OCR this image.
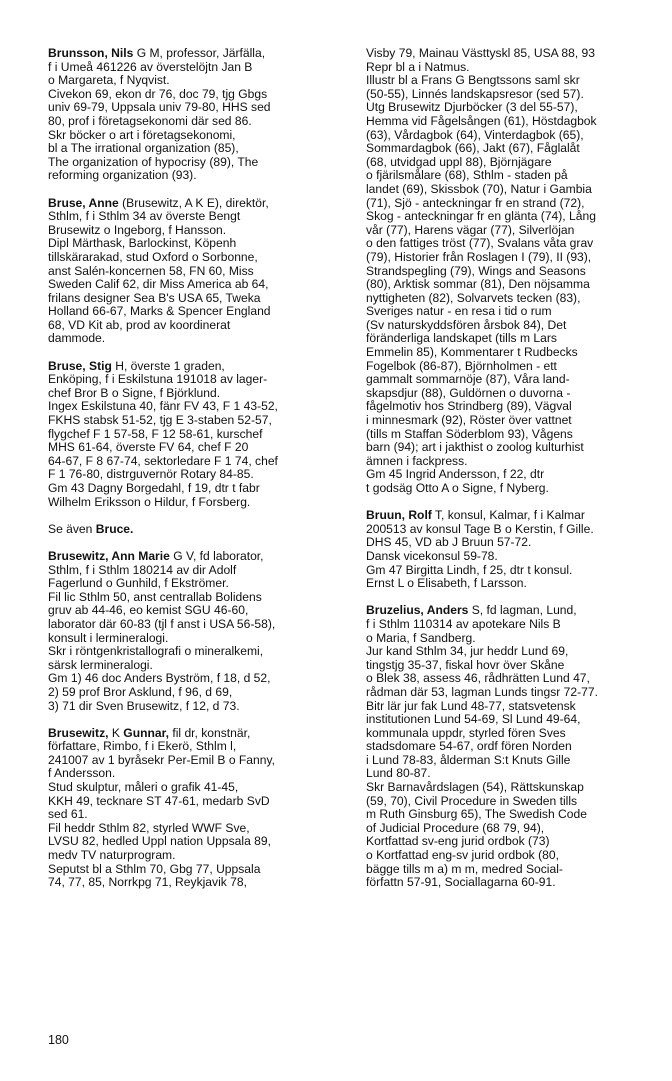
Brunsson, Nils G M, professor, Järfälla,
f i Umeå 461226 av överstelöjtn Jan B
o Margareta, f Nyqvist.
Civekon 69, ekon dr 76, doc 79, tjg Gbgs
univ 69-79, Uppsala univ 79-80, HHS sed
80, prof i företagsekonomi där sed 86.
Skr böcker o art i företagsekonomi,
bl a The irrational organization (85),
The organization of hypocrisy (89), The
reforming organization (93).
Bruse, Anne (Brusewitz, A K E), direktör,
Sthlm, f i Sthlm 34 av överste Bengt
Brusewitz o Ingeborg, f Hansson.
Dipl Märthask, Barlockinst, Köpenh
tillskärarakad, stud Oxford o Sorbonne,
anst Salén-koncernen 58, FN 60, Miss
Sweden Calif 62, dir Miss America ab 64,
frilans designer Sea B's USA 65, Tweka
Holland 66-67, Marks & Spencer England
68, VD Kit ab, prod av koordinerat
dammode.
Bruse, Stig H, överste 1 graden,
Enköping, f i Eskilstuna 191018 av lager-
chef Bror B o Signe, f Björklund.
Ingex Eskilstuna 40, fänr FV 43, F 1 43-52,
FKHS stabsk 51-52, tjg E 3-staben 52-57,
flygchef F 1 57-58, F 12 58-61, kurschef
MHS 61-64, överste FV 64, chef F 20
64-67, F 8 67-74, sektorledare F 1 74, chef
F 1 76-80, distrguvernör Rotary 84-85.
Gm 43 Dagny Borgedahl, f 19, dtr t fabr
Wilhelm Eriksson o Hildur, f Forsberg.
Se även Bruce.
Brusewitz, Ann Marie G V, fd laborator,
Sthlm, f i Sthlm 180214 av dir Adolf
Fagerlund o Gunhild, f Ekströmer.
Fil lic Sthlm 50, anst centrallab Bolidens
gruv ab 44-46, eo kemist SGU 46-60,
laborator där 60-83 (tjl f anst i USA 56-58),
konsult i lermineralogi.
Skr i röntgenkristallografi o mineralkemi,
särsk lermineralogi.
Gm 1) 46 doc Anders Byström, f 18, d 52,
2) 59 prof Bror Asklund, f 96, d 69,
3) 71 dir Sven Brusewitz, f 12, d 73.
Brusewitz, K Gunnar, fil dr, konstnär,
författare, Rimbo, f i Ekerö, Sthlm l,
241007 av 1 byråsekr Per-Emil B o Fanny,
f Andersson.
Stud skulptur, måleri o grafik 41-45,
KKH 49, tecknare ST 47-61, medarb SvD
sed 61.
Fil heddr Sthlm 82, styrled WWF Sve,
LVSU 82, hedled Uppl nation Uppsala 89,
medv TV naturprogram.
Seputst bl a Sthlm 70, Gbg 77, Uppsala
74, 77, 85, Norrkpg 71, Reykjavik 78,
Visby 79, Mainau Västtyskl 85, USA 88, 93
Repr bl a i Natmus.
Illustr bl a Frans G Bengtssons saml skr
(50-55), Linnés landskapsresor (sed 57).
Utg Brusewitz Djurböcker (3 del 55-57),
Hemma vid Fågelsången (61), Höstdagbok
(63), Vårdagbok (64), Vinterdagbok (65),
Sommardagbok (66), Jakt (67), Fåglalåt
(68, utvidgad uppl 88), Björnjägare
o fjärilsmålare (68), Sthlm - staden på
landet (69), Skissbok (70), Natur i Gambia
(71), Sjö - anteckningar fr en strand (72),
Skog - anteckningar fr en glänta (74), Lång
vår (77), Harens vägar (77), Silverlöjan
o den fattiges tröst (77), Svalans våta grav
(79), Historier från Roslagen I (79), II (93),
Strandspegling (79), Wings and Seasons
(80), Arktisk sommar (81), Den nöjsamma
nyttigheten (82), Solvarvets tecken (83),
Sveriges natur - en resa i tid o rum
(Sv naturskyddsfören årsbok 84), Det
föränderliga landskapet (tills m Lars
Emmelin 85), Kommentarer t Rudbecks
Fogelbok (86-87), Björnholmen - ett
gammalt sommarnöje (87), Våra land-
skapsdjur (88), Guldörnen o duvorna -
fågelmotiv hos Strindberg (89), Vägval
i minnesmark (92), Röster över vattnet
(tills m Staffan Söderblom 93), Vågens
barn (94); art i jakthist o zoolog kulturhist
ämnen i fackpress.
Gm 45 Ingrid Andersson, f 22, dtr
t godsäg Otto A o Signe, f Nyberg.
Bruun, Rolf T, konsul, Kalmar, f i Kalmar
200513 av konsul Tage B o Kerstin, f Gille.
DHS 45, VD ab J Bruun 57-72.
Dansk vicekonsul 59-78.
Gm 47 Birgitta Lindh, f 25, dtr t konsul.
Ernst L o Elisabeth, f Larsson.
Bruzelius, Anders S, fd lagman, Lund,
f i Sthlm 110314 av apotekare Nils B
o Maria, f Sandberg.
Jur kand Sthlm 34, jur heddr Lund 69,
tingstjg 35-37, fiskal hovr över Skåne
o Blek 38, assess 46, rådhrätten Lund 47,
rådman där 53, lagman Lunds tingsr 72-77.
Bitr lär jur fak Lund 48-77, statsvetensk
institutionen Lund 54-69, Sl Lund 49-64,
kommunala uppdr, styrled fören Sves
stadsdomare 54-67, ordf fören Norden
i Lund 78-83, ålderman S:t Knuts Gille
Lund 80-87.
Skr Barnavårdslagen (54), Rättskunskap
(59, 70), Civil Procedure in Sweden tills
m Ruth Ginsburg 65), The Swedish Code
of Judicial Procedure (68 79, 94),
Kortfattad sv-eng jurid ordbok (73)
o Kortfattad eng-sv jurid ordbok (80,
bägge tills m a) m m, medred Social-
författn 57-91, Sociallagarna 60-91.
180
